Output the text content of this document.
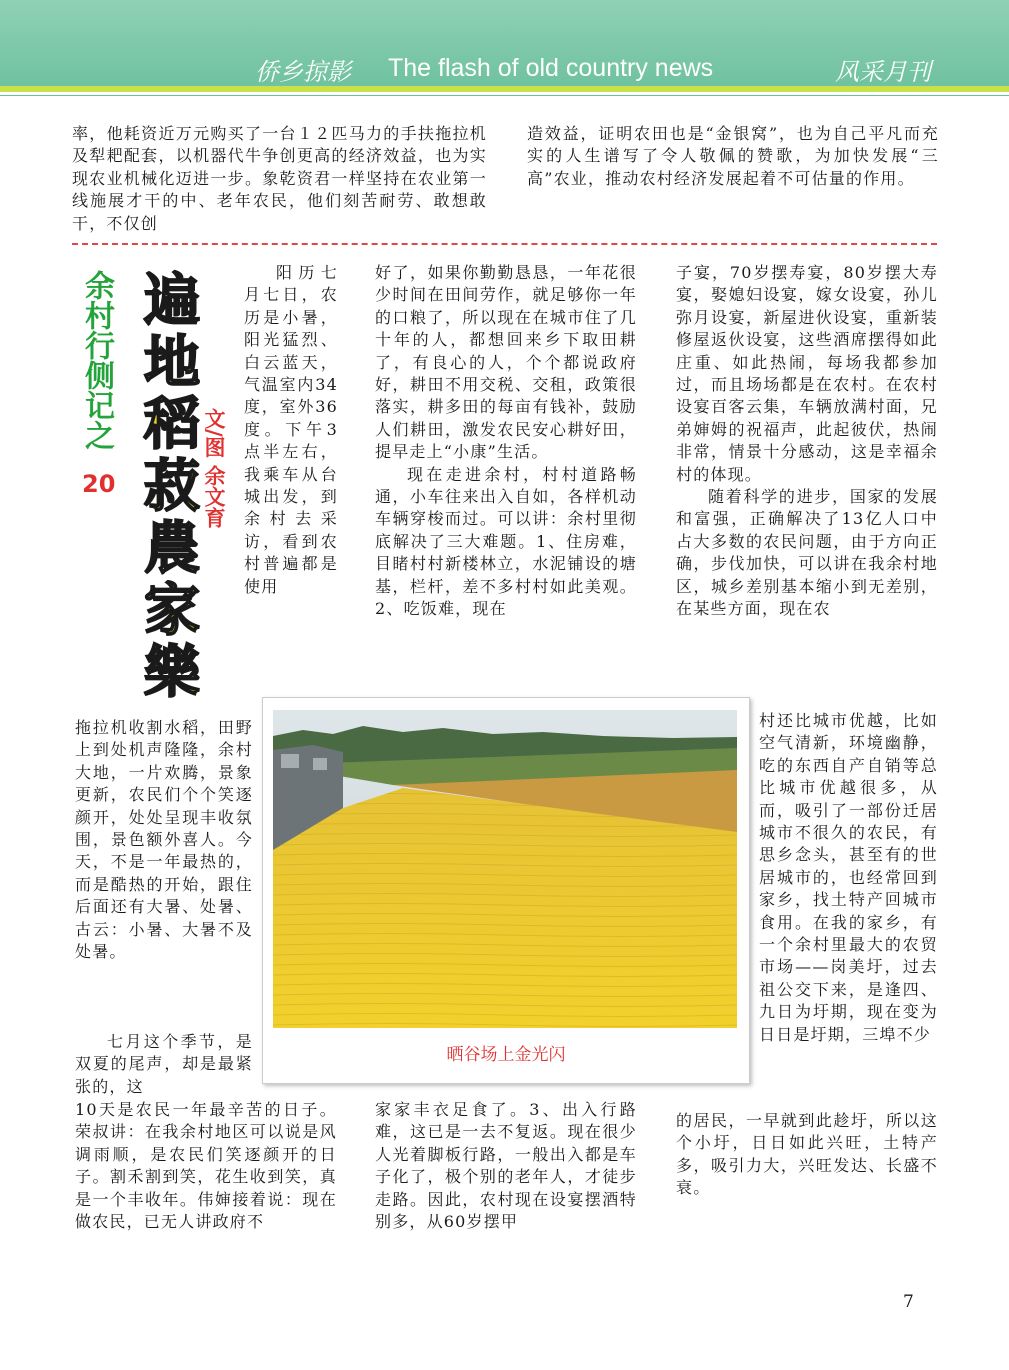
侨乡掠影 The flash of old country news	风采月刊

率，他耗资近万元购买了一台１２匹马力的手扶拖拉机及犁耙配套，以机器代牛争创更高的经济效益，也为实现农业机械化迈进一步。象乾资君一样坚持在农业第一线施展才干的中、老年农民，他们刻苦耐劳、敢想敢干，不仅创

造效益，证明农田也是“金银窝”，也为自己平凡而充实的人生谱写了令人敬佩的赞歌，为加快发展“三高”农业，推动农村经济发展起着不可估量的作用。

余村行侧记之
20 遍地稻菽農家樂 文/图 余文育

阳历七月七日，农历是小暑，阳光猛烈、白云蓝天，气温室内34度，室外36度。下午3点半左右，我乘车从台城出发，到余村去采访，看到农村普遍都是使用

拖拉机收割水稻，田野上到处机声隆隆，余村大地，一片欢腾，景象更新，农民们个个笑逐颜开，处处呈现丰收氛围，景色额外喜人。今天，不是一年最热的，而是酷热的开始，跟住后面还有大暑、处暑、古云：小暑、大暑不及处暑。

七月这个季节，是双夏的尾声，却是最紧张的，这

10天是农民一年最辛苦的日子。荣叔讲：在我余村地区可以说是风调雨顺，是农民们笑逐颜开的日子。割禾割到笑，花生收到笑，真是一个丰收年。伟婶接着说：现在做农民，已无人讲政府不

好了，如果你勤勤恳恳，一年花很少时间在田间劳作，就足够你一年的口粮了，所以现在在城市住了几十年的人，都想回来乡下取田耕了，有良心的人，个个都说政府好，耕田不用交税、交租，政策很落实，耕多田的每亩有钱补，鼓励人们耕田，激发农民安心耕好田，提早走上“小康”生活。

现在走进余村，村村道路畅通，小车往来出入自如，各样机动车辆穿梭而过。可以讲：余村里彻底解决了三大难题。1、住房难，目睹村村新楼林立，水泥铺设的塘基，栏杆，差不多村村如此美观。2、吃饭难，现在

家家丰衣足食了。3、出入行路难，这已是一去不复返。现在很少人光着脚板行路，一般出入都是车子化了，极个别的老年人，才徒步走路。因此，农村现在设宴摆酒特别多，从60岁摆甲

子宴，70岁摆寿宴，80岁摆大寿宴，娶媳妇设宴，嫁女设宴，孙儿弥月设宴，新屋进伙设宴，重新装修屋返伙设宴，这些酒席摆得如此庄重、如此热闹，每场我都参加过，而且场场都是在农村。在农村设宴百客云集，车辆放满村面，兄弟婶姆的祝福声，此起彼伏，热闹非常，情景十分感动，这是幸福余村的体现。

随着科学的进步，国家的发展和富强，正确解决了13亿人口中占大多数的农民问题，由于方向正确，步伐加快，可以讲在我余村地区，城乡差别基本缩小到无差别，在某些方面，现在农

村还比城市优越，比如空气清新，环境幽静，吃的东西自产自销等总比城市优越很多，从而，吸引了一部份迁居城市不很久的农民，有思乡念头，甚至有的世居城市的，也经常回到家乡，找土特产回城市食用。在我的家乡，有一个余村里最大的农贸市场——岗美圩，过去祖公交下来，是逢四、九日为圩期，现在变为日日是圩期，三埠不少

的居民，一早就到此趁圩，所以这个小圩，日日如此兴旺，土特产多，吸引力大，兴旺发达、长盛不衰。

晒谷场上金光闪
7
